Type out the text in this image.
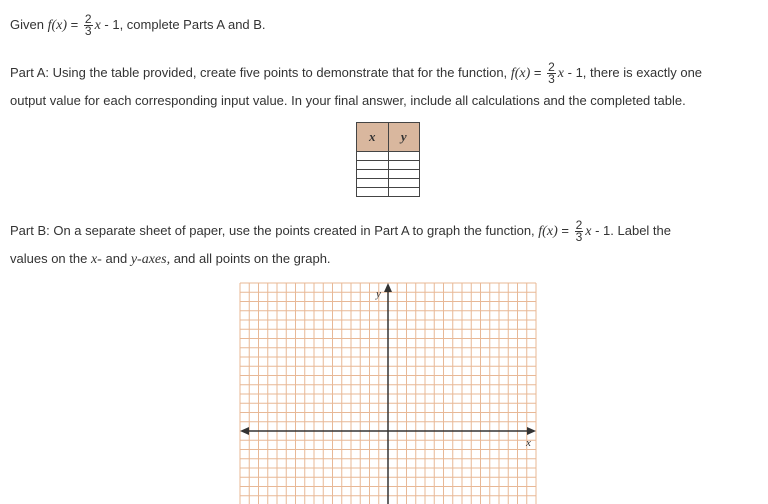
Given $f(x) = \frac{2}{3}$ x - 1, complete Parts A and B.
Part A: Using the table provided, create five points to demonstrate that for the function, $f(x) = \frac{2}{3}$ x - 1, there is exactly one
output value for each corresponding input value. In your final answer, include all calculations and the completed table.
x	y

Part B: On a separate sheet of paper, use the points created in Part A to graph the function, $f(x) = \frac{2}{3}$ x - 1. Label the
values on the x- and y-axes, and all points on the graph.
x
y
